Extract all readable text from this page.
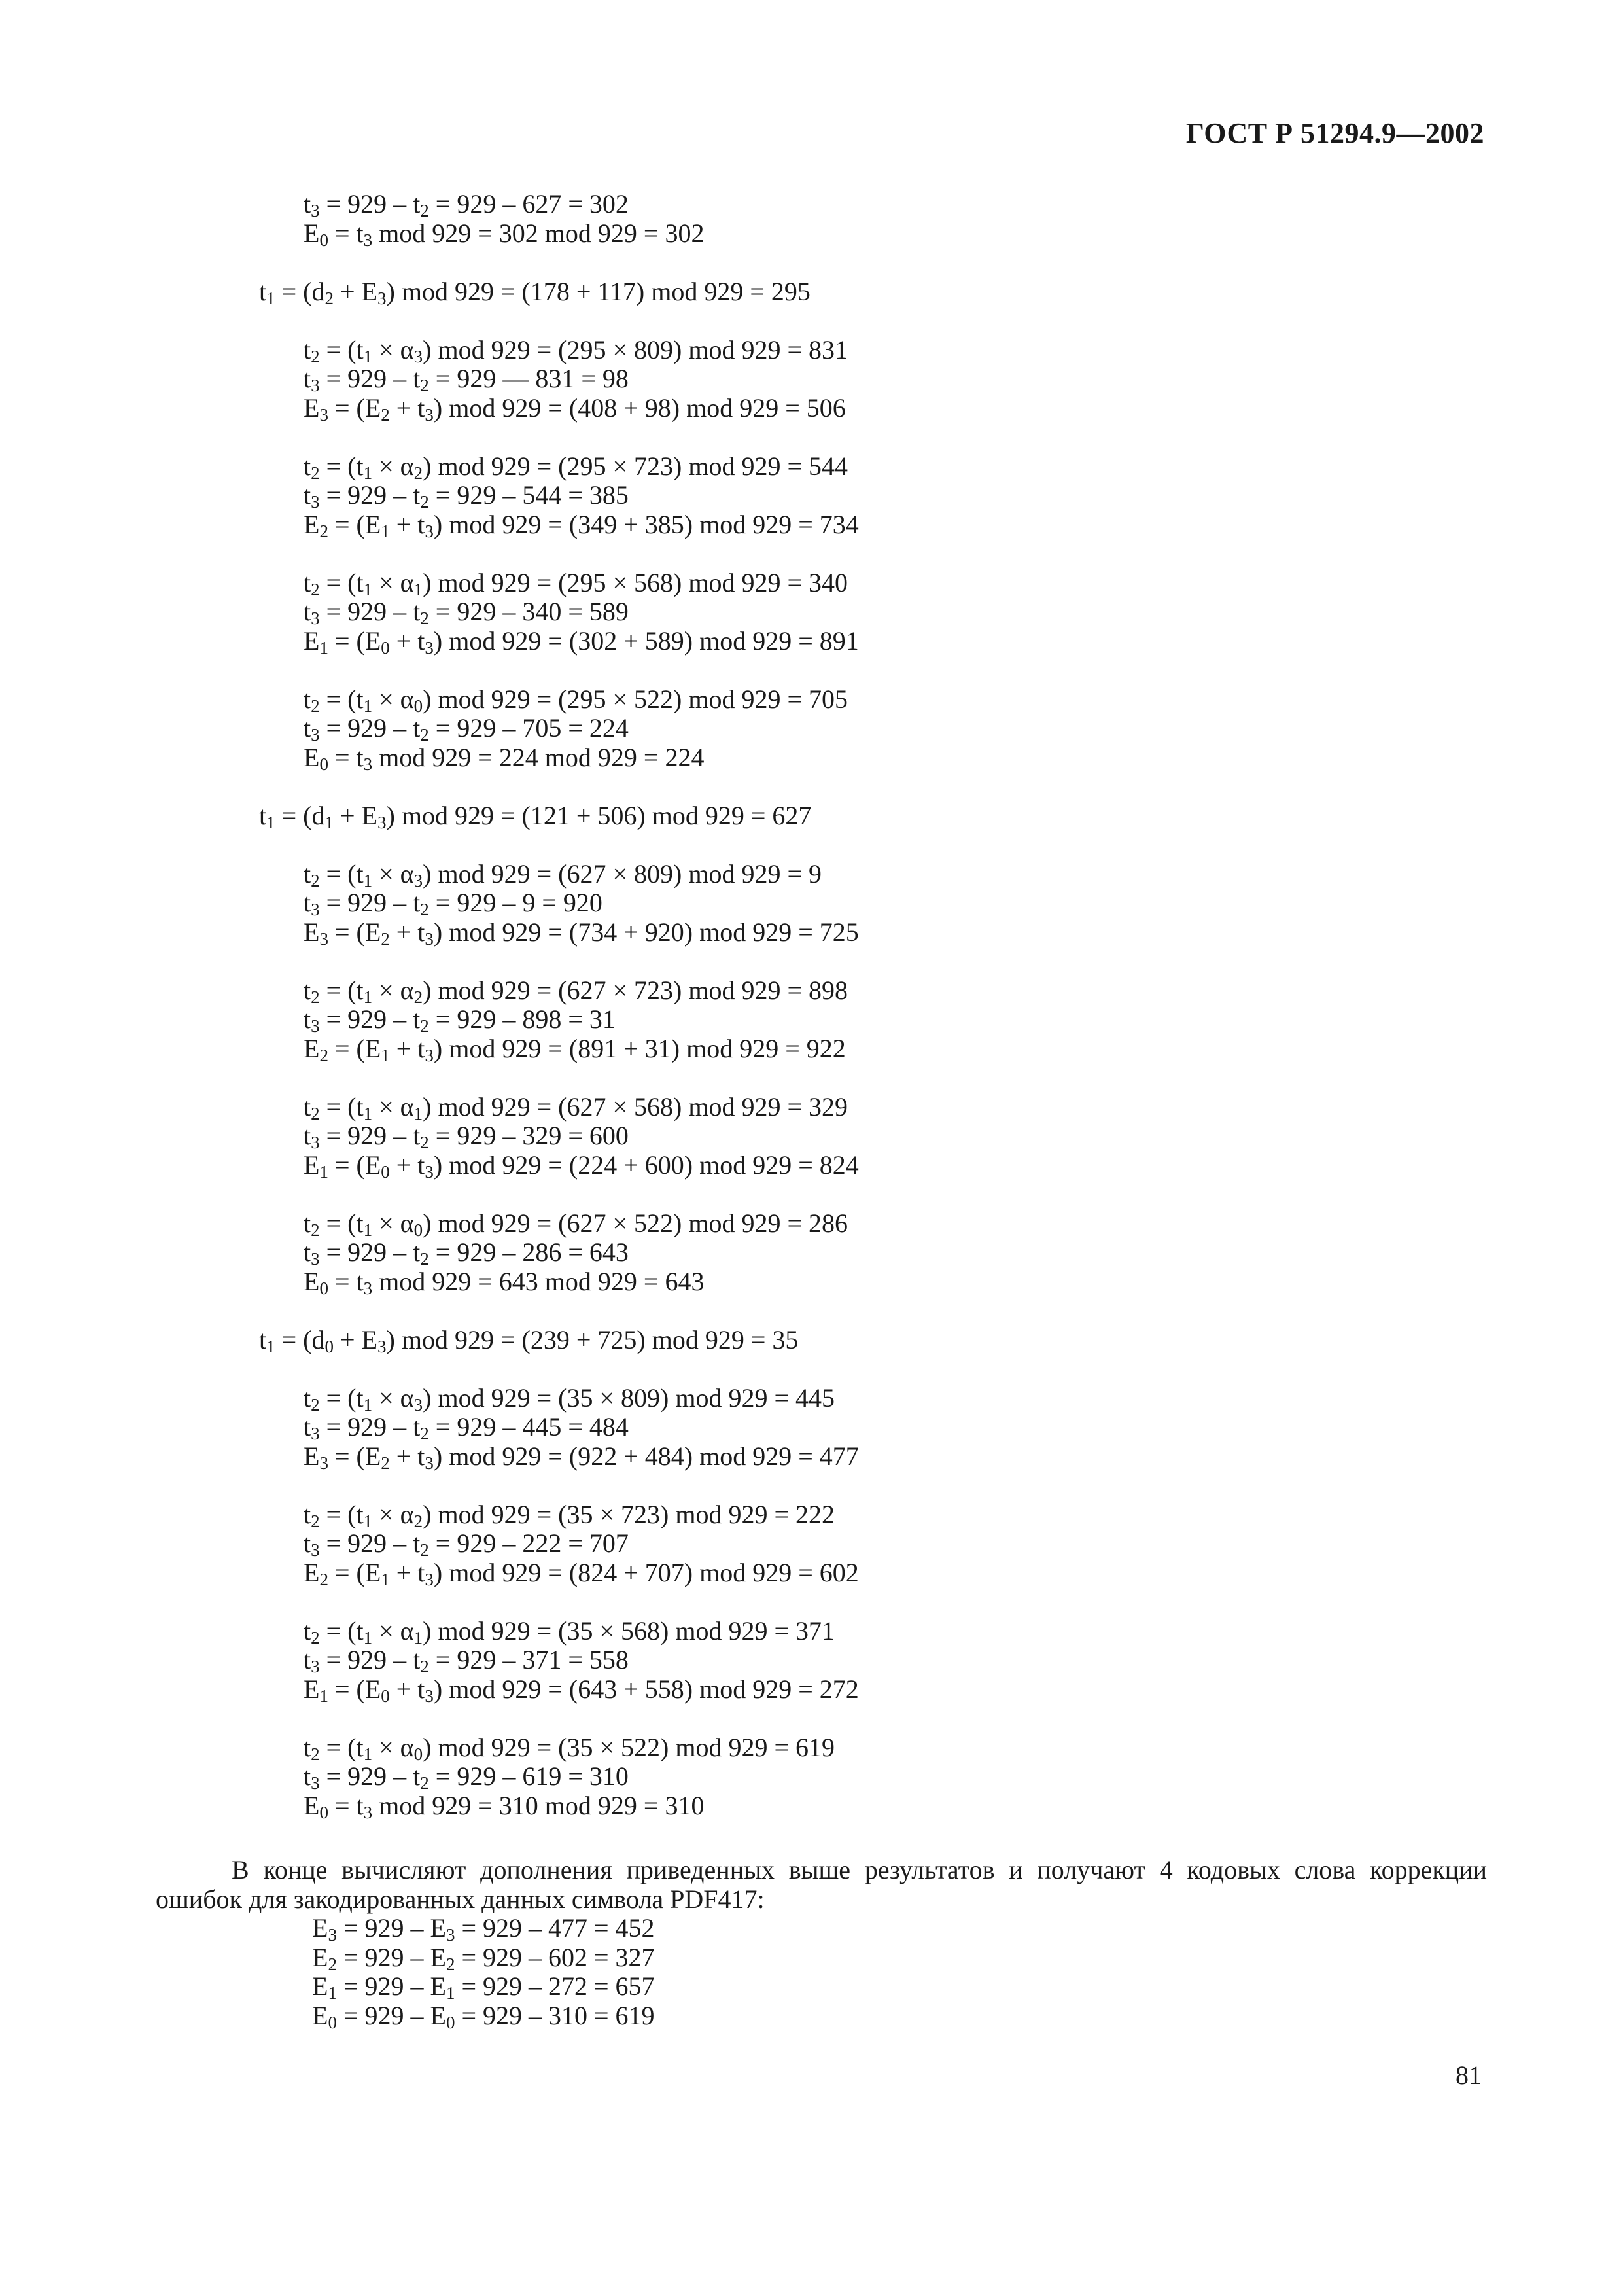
ГОСТ Р 51294.9—2002
$t_3 = 929 - t_2 = 929 - 627 = 302$
$E_0 = t_3$ mod 929 = 302 mod 929 = 302
$t_1 = (d_2 + E_3)$ mod 929 = (178 + 117) mod 929 = 295
$t_2 = (t_1 \times \alpha_3)$ mod 929 = (295 × 809) mod 929 = 831
$t_3 = 929 - t_2 = 929$ — 831 = 98
$E_3 = (E_2 + t_3)$ mod 929 = (408 + 98) mod 929 = 506
$t_2 = (t_1 \times \alpha_2)$ mod 929 = (295 × 723) mod 929 = 544
$t_3 = 929 - t_2 = 929 - 544 = 385$
$E_2 = (E_1 + t_3)$ mod 929 = (349 + 385) mod 929 = 734
$t_2 = (t_1 \times \alpha_1)$ mod 929 = (295 × 568) mod 929 = 340
$t_3 = 929 - t_2 = 929 - 340 = 589$
$E_1 = (E_0 + t_3)$ mod 929 = (302 + 589) mod 929 = 891
$t_2 = (t_1 \times \alpha_0)$ mod 929 = (295 × 522) mod 929 = 705
$t_3 = 929 - t_2 = 929 - 705 = 224$
$E_0 = t_3$ mod 929 = 224 mod 929 = 224
$t_1 = (d_1 + E_3)$ mod 929 = (121 + 506) mod 929 = 627
$t_2 = (t_1 \times \alpha_3)$ mod 929 = (627 × 809) mod 929 = 9
$t_3 = 929 - t_2 = 929 - 9 = 920$
$E_3 = (E_2 + t_3)$ mod 929 = (734 + 920) mod 929 = 725
$t_2 = (t_1 \times \alpha_2)$ mod 929 = (627 × 723) mod 929 = 898
$t_3 = 929 - t_2 = 929 - 898 = 31$
$E_2 = (E_1 + t_3)$ mod 929 = (891 + 31) mod 929 = 922
$t_2 = (t_1 \times \alpha_1)$ mod 929 = (627 × 568) mod 929 = 329
$t_3 = 929 - t_2 = 929 - 329 = 600$
$E_1 = (E_0 + t_3)$ mod 929 = (224 + 600) mod 929 = 824
$t_2 = (t_1 \times \alpha_0)$ mod 929 = (627 × 522) mod 929 = 286
$t_3 = 929 - t_2 = 929 - 286 = 643$
$E_0 = t_3$ mod 929 = 643 mod 929 = 643
$t_1 = (d_0 + E_3)$ mod 929 = (239 + 725) mod 929 = 35
$t_2 = (t_1 \times \alpha_3)$ mod 929 = (35 × 809) mod 929 = 445
$t_3 = 929 - t_2 = 929 - 445 = 484$
$E_3 = (E_2 + t_3)$ mod 929 = (922 + 484) mod 929 = 477
$t_2 = (t_1 \times \alpha_2)$ mod 929 = (35 × 723) mod 929 = 222
$t_3 = 929 - t_2 = 929 - 222 = 707$
$E_2 = (E_1 + t_3)$ mod 929 = (824 + 707) mod 929 = 602
$t_2 = (t_1 \times \alpha_1)$ mod 929 = (35 × 568) mod 929 = 371
$t_3 = 929 - t_2 = 929 - 371 = 558$
$E_1 = (E_0 + t_3)$ mod 929 = (643 + 558) mod 929 = 272
$t_2 = (t_1 \times \alpha_0)$ mod 929 = (35 × 522) mod 929 = 619
$t_3 = 929 - t_2 = 929 - 619 = 310$
$E_0 = t_3$ mod 929 = 310 mod 929 = 310
В конце вычисляют дополнения приведенных выше результатов и получают 4 кодовых слова коррекции ошибок для закодированных данных символа PDF417:
$E_3 = 929 - E_3 = 929 - 477 = 452$
$E_2 = 929 - E_2 = 929 - 602 = 327$
$E_1 = 929 - E_1 = 929 - 272 = 657$
$E_0 = 929 - E_0 = 929 - 310 = 619$
81
